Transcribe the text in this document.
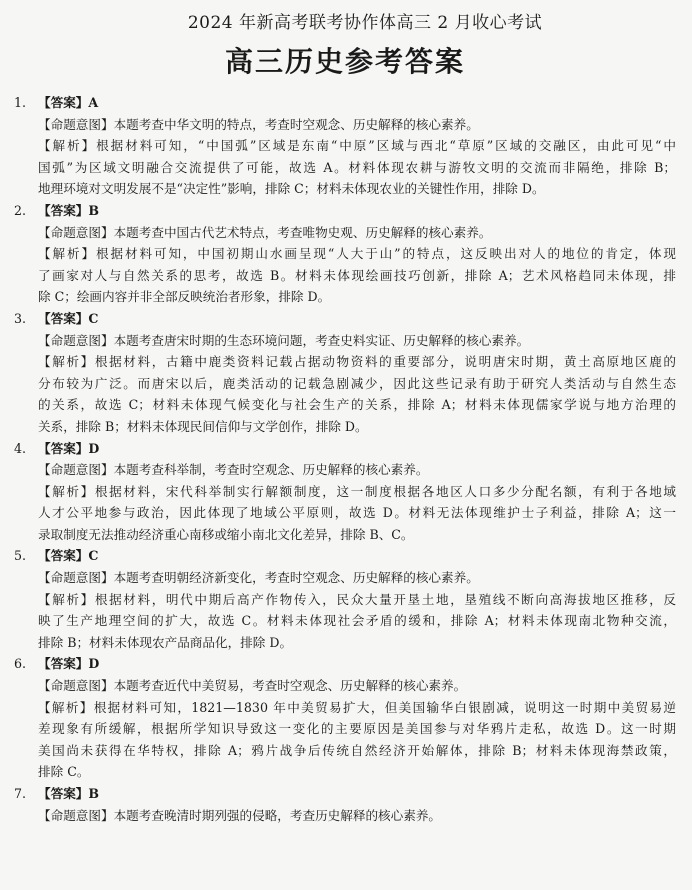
2024 年新高考联考协作体高三 2 月收心考试
高三历史参考答案
1. 【答案】A
【命题意图】本题考查中华文明的特点，考查时空观念、历史解释的核心素养。
【解析】根据材料可知，“中国弧”区域是东南“中原”区域与西北“草原”区域的交融区，由此可见“中
国弧”为区域文明融合交流提供了可能，故选 A。材料体现农耕与游牧文明的交流而非隔绝，排除 B；
地理环境对文明发展不是“决定性”影响，排除 C；材料未体现农业的关键性作用，排除 D。
2. 【答案】B
【命题意图】本题考查中国古代艺术特点，考查唯物史观、历史解释的核心素养。
【解析】根据材料可知，中国初期山水画呈现“人大于山”的特点，这反映出对人的地位的肯定，体现
了画家对人与自然关系的思考，故选 B。材料未体现绘画技巧创新，排除 A；艺术风格趋同未体现，排
除 C；绘画内容并非全部反映统治者形象，排除 D。
3. 【答案】C
【命题意图】本题考查唐宋时期的生态环境问题，考查史料实证、历史解释的核心素养。
【解析】根据材料，古籍中鹿类资料记载占据动物资料的重要部分，说明唐宋时期，黄土高原地区鹿的
分布较为广泛。而唐宋以后，鹿类活动的记载急剧减少，因此这些记录有助于研究人类活动与自然生态
的关系，故选 C；材料未体现气候变化与社会生产的关系，排除 A；材料未体现儒家学说与地方治理的
关系，排除 B；材料未体现民间信仰与文学创作，排除 D。
4. 【答案】D
【命题意图】本题考查科举制，考查时空观念、历史解释的核心素养。
【解析】根据材料，宋代科举制实行解额制度，这一制度根据各地区人口多少分配名额，有利于各地域
人才公平地参与政治，因此体现了地域公平原则，故选 D。材料无法体现维护士子利益，排除 A；这一
录取制度无法推动经济重心南移或缩小南北文化差异，排除 B、C。
5. 【答案】C
【命题意图】本题考查明朝经济新变化，考查时空观念、历史解释的核心素养。
【解析】根据材料，明代中期后高产作物传入，民众大量开垦土地，垦殖线不断向高海拔地区推移，反
映了生产地理空间的扩大，故选 C。材料未体现社会矛盾的缓和，排除 A；材料未体现南北物种交流，
排除 B；材料未体现农产品商品化，排除 D。
6. 【答案】D
【命题意图】本题考查近代中美贸易，考查时空观念、历史解释的核心素养。
【解析】根据材料可知，1821—1830 年中美贸易扩大，但美国输华白银剧减，说明这一时期中美贸易逆
差现象有所缓解，根据所学知识导致这一变化的主要原因是美国参与对华鸦片走私，故选 D。这一时期
美国尚未获得在华特权，排除 A；鸦片战争后传统自然经济开始解体，排除 B；材料未体现海禁政策，
排除 C。
7. 【答案】B
【命题意图】本题考查晚清时期列强的侵略，考查历史解释的核心素养。
